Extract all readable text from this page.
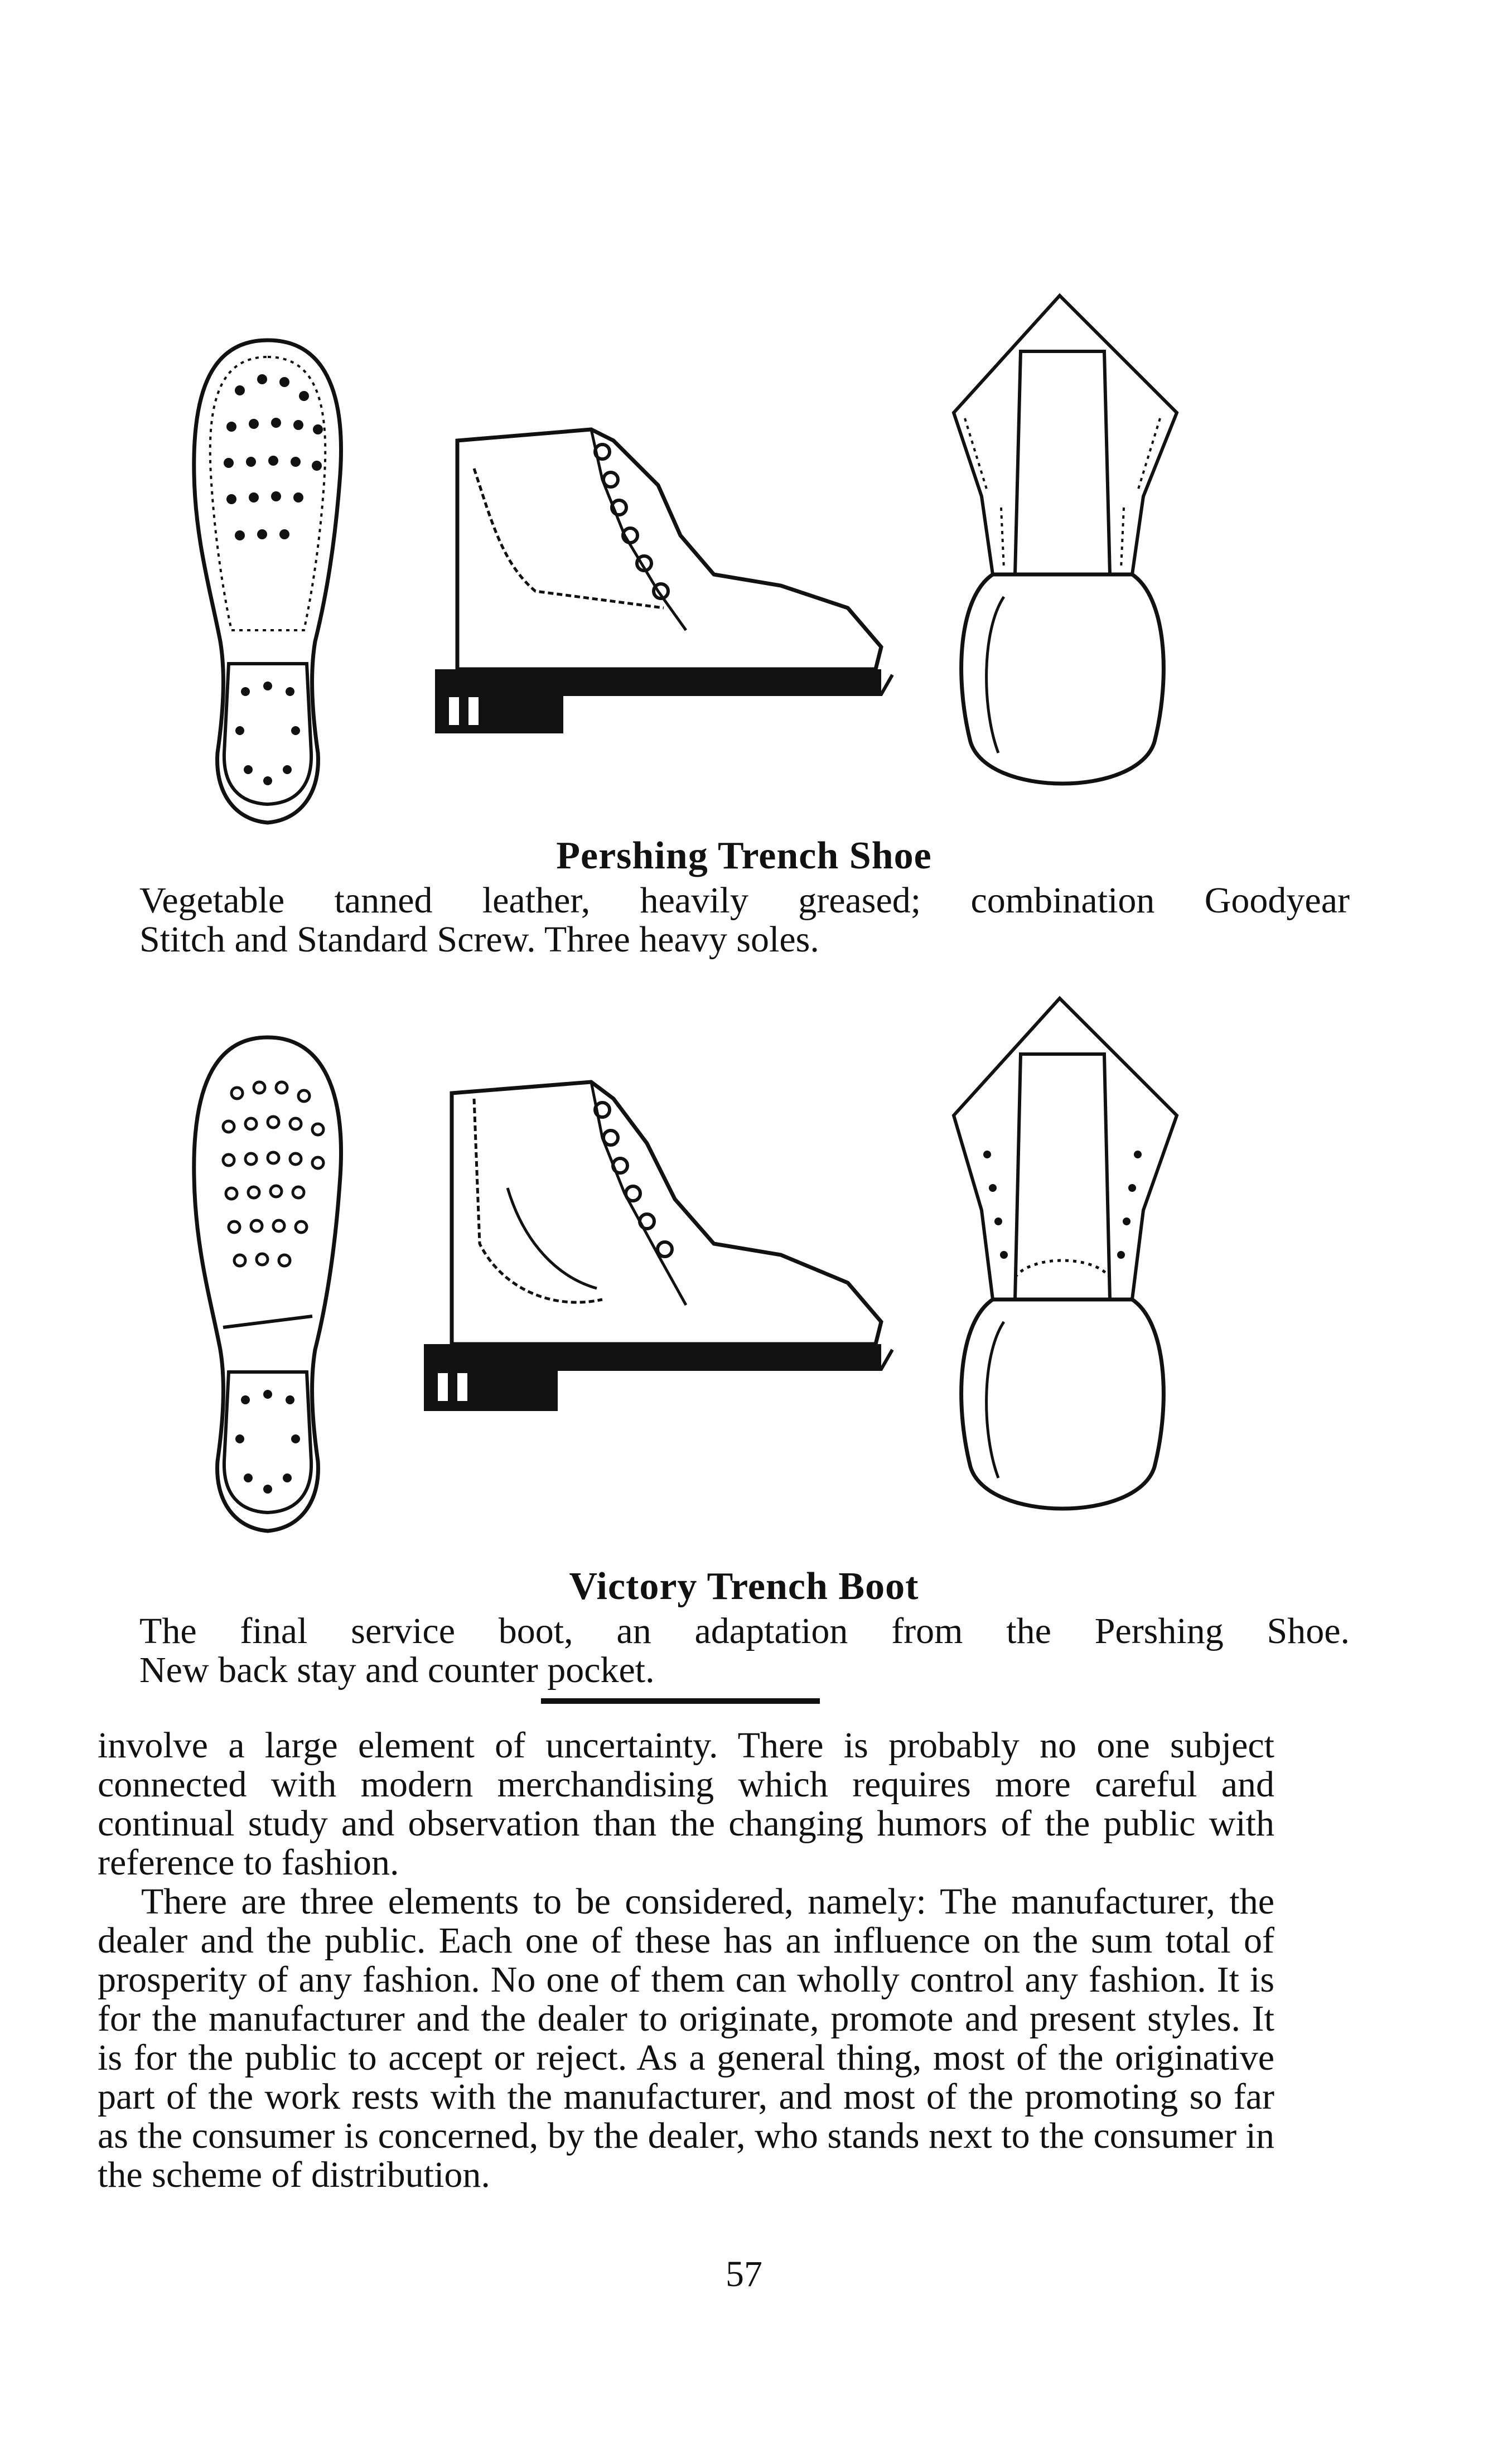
Pershing Trench Shoe
Vegetable tanned leather, heavily greased; combination Goodyear
Stitch and Standard Screw. Three heavy soles.
Victory Trench Boot
The final service boot, an adaptation from the Pershing Shoe.
New back stay and counter pocket.

involve a large element of uncertainty. There is probably no one subject connected with modern merchandising which requires more careful and continual study and observation than the changing humors of the public with reference to fashion.

There are three elements to be considered, namely: The manufacturer, the dealer and the public. Each one of these has an influence on the sum total of prosperity of any fashion. No one of them can wholly control any fashion. It is for the manufacturer and the dealer to originate, promote and present styles. It is for the public to accept or reject. As a general thing, most of the originative part of the work rests with the manufacturer, and most of the promoting so far as the consumer is concerned, by the dealer, who stands next to the consumer in the scheme of distribution.

57
